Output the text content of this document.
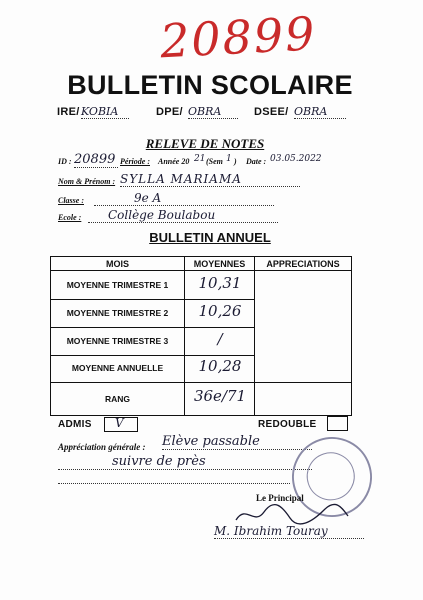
20899
BULLETIN SCOLAIRE
IRE/ KOBIA	DPE/ OBRA	DSEE/ OBRA
RELEVE DE NOTES
ID : 20899 Période : Année 20 21 (Sem 1 ) Date : 03.05.2022
Nom & Prénom : SYLLA MARIAMA
Classe :	9e A
Ecole :	Collège Boulabou
BULLETIN ANNUEL
MOIS	MOYENNES	APPRECIATIONS
MOYENNE TRIMESTRE 1	10,31
MOYENNE TRIMESTRE 2	10,26
MOYENNE TRIMESTRE 3	/
MOYENNE ANNUELLE	10,28
RANG	36e/71
ADMIS V	REDOUBLE
Appréciation générale : Elève passable
suivre de près
Le Principal
M. Ibrahim Touray
